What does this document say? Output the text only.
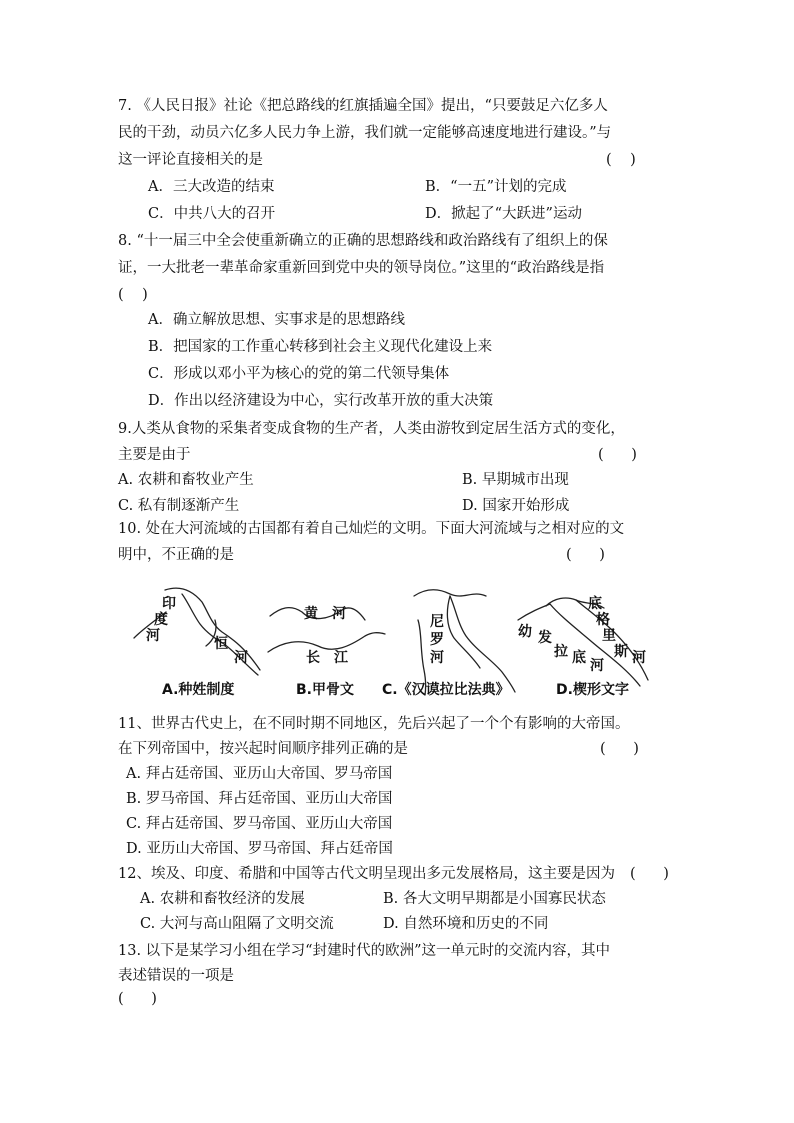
7. 《人民日报》社论《把总路线的红旗插遍全国》提出，“只要鼓足六亿多人
民的干劲，动员六亿多人民力争上游，我们就一定能够高速度地进行建设。”与
这一评论直接相关的是	(    )
A．三大改造的结束	B．“一五”计划的完成
C．中共八大的召开	D．掀起了“大跃进”运动
8. “十一届三中全会使重新确立的正确的思想路线和政治路线有了组织上的保
证，一大批老一辈革命家重新回到党中央的领导岗位。”这里的“政治路线是指
(    )
A．确立解放思想、实事求是的思想路线
B．把国家的工作重心转移到社会主义现代化建设上来
C．形成以邓小平为核心的党的第二代领导集体
D．作出以经济建设为中心，实行改革开放的重大决策
9.人类从食物的采集者变成食物的生产者，人类由游牧到定居生活方式的变化，
主要是由于	(      )
A. 农耕和畜牧业产生	B. 早期城市出现
C. 私有制逐渐产生	D. 国家开始形成
10. 处在大河流域的古国都有着自己灿烂的文明。下面大河流域与之相对应的文
明中，不正确的是	(      )
印
度
河	恒
河
黄 河
长 江
尼
罗
河
底
格
里
斯 河
幼 发
拉 底 河
A.种姓制度	B.甲骨文 C.《汉谟拉比法典》	D.楔形文字
11、世界古代史上，在不同时期不同地区，先后兴起了一个个有影响的大帝国。
在下列帝国中，按兴起时间顺序排列正确的是	(      )
A. 拜占廷帝国、亚历山大帝国、罗马帝国
B. 罗马帝国、拜占廷帝国、亚历山大帝国
C. 拜占廷帝国、罗马帝国、亚历山大帝国
D. 亚历山大帝国、罗马帝国、拜占廷帝国
12、埃及、印度、希腊和中国等古代文明呈现出多元发展格局，这主要是因为 (      )
A. 农耕和畜牧经济的发展	B. 各大文明早期都是小国寡民状态
C. 大河与高山阻隔了文明交流	D. 自然环境和历史的不同
13. 以下是某学习小组在学习“封建时代的欧洲”这一单元时的交流内容，其中
表述错误的一项是
(      )
